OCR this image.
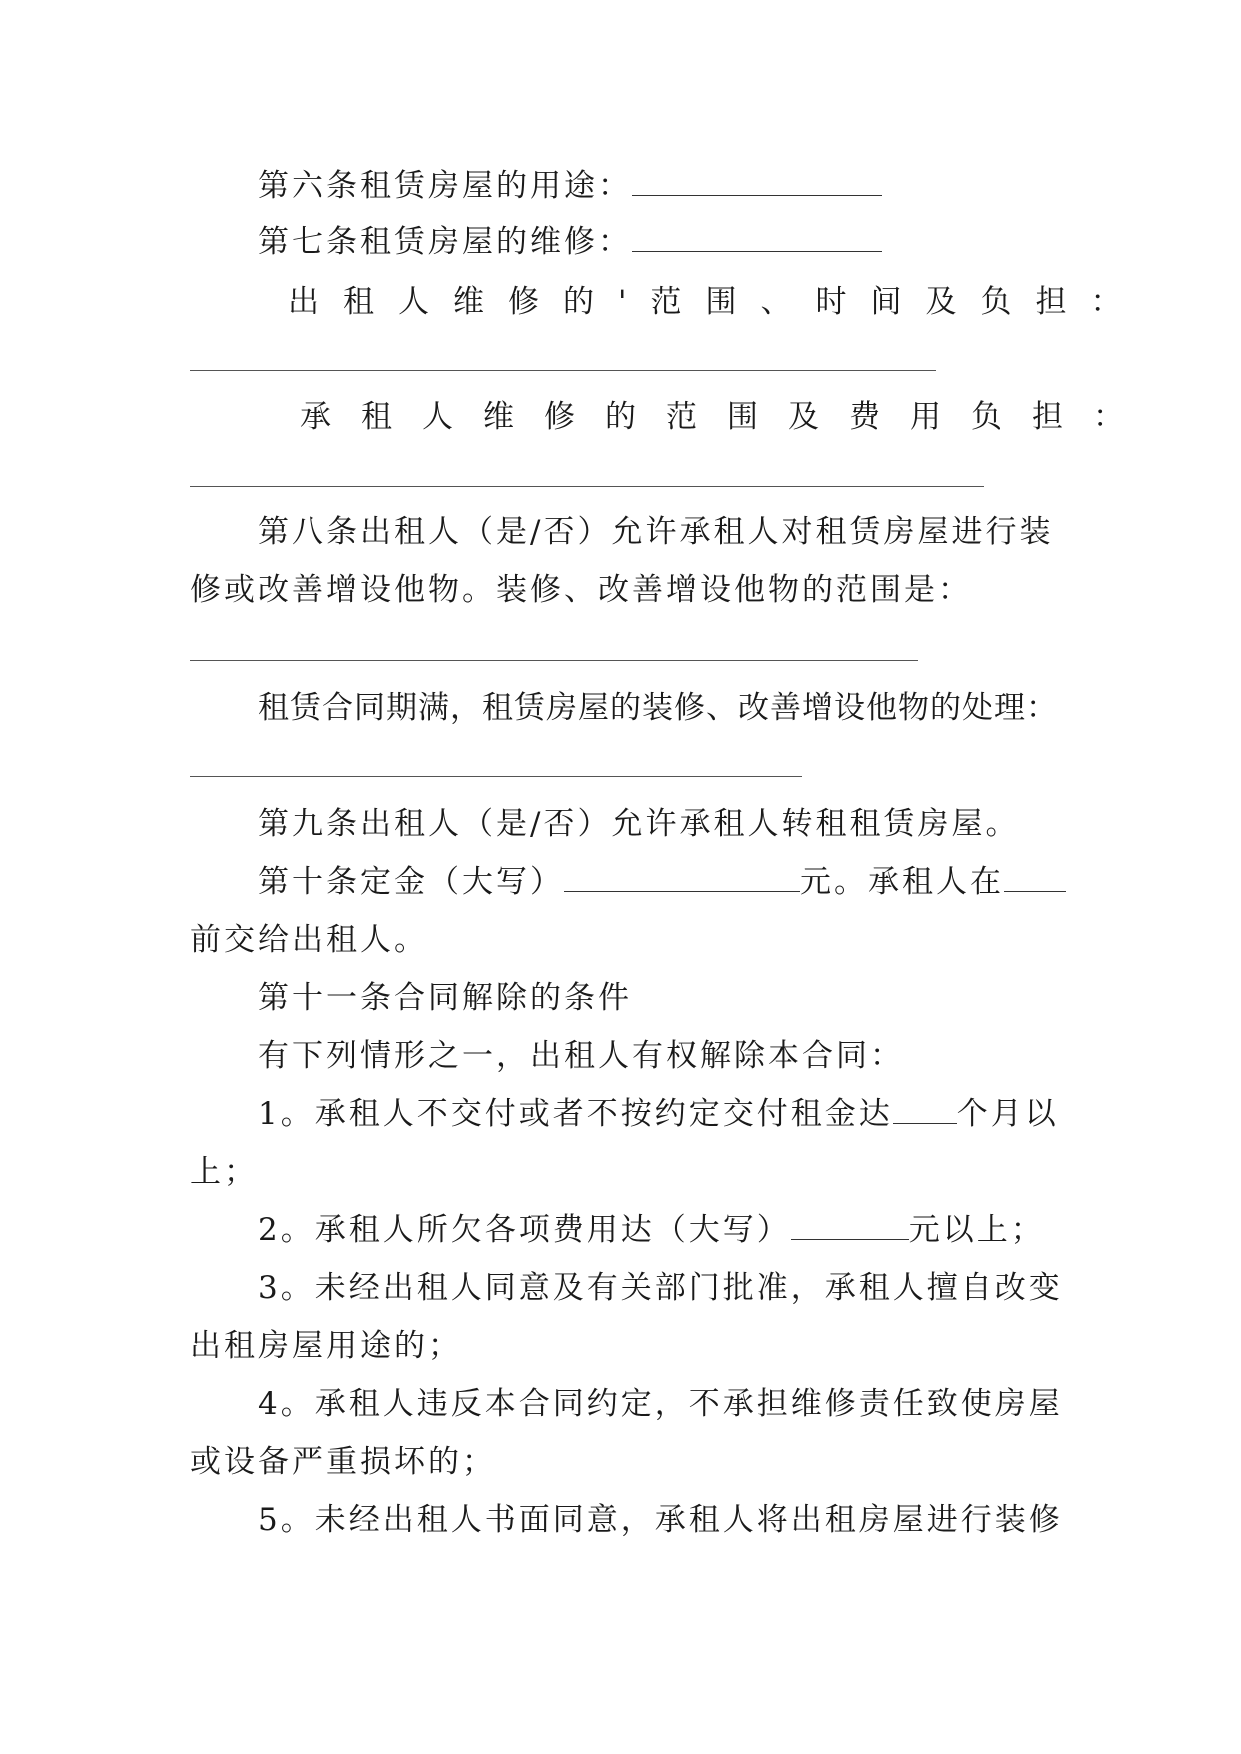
第六条租赁房屋的用途：
第七条租赁房屋的维修：
出租人维修的'范围、时间及负担：
承租人维修的范围及费用负担：
第八条出租人（是/否）允许承租人对租赁房屋进行装
修或改善增设他物。装修、改善增设他物的范围是：
租赁合同期满，租赁房屋的装修、改善增设他物的处理：
第九条出租人（是/否）允许承租人转租租赁房屋。
第十条定金（大写）	元。承租人在
前交给出租人。
第十一条合同解除的条件
有下列情形之一，出租人有权解除本合同：
1。承租人不交付或者不按约定交付租金达 个月以
上；
2。承租人所欠各项费用达（大写）	元以上；
3。未经出租人同意及有关部门批准，承租人擅自改变
出租房屋用途的；
4。承租人违反本合同约定，不承担维修责任致使房屋
或设备严重损坏的；
5。未经出租人书面同意，承租人将出租房屋进行装修
